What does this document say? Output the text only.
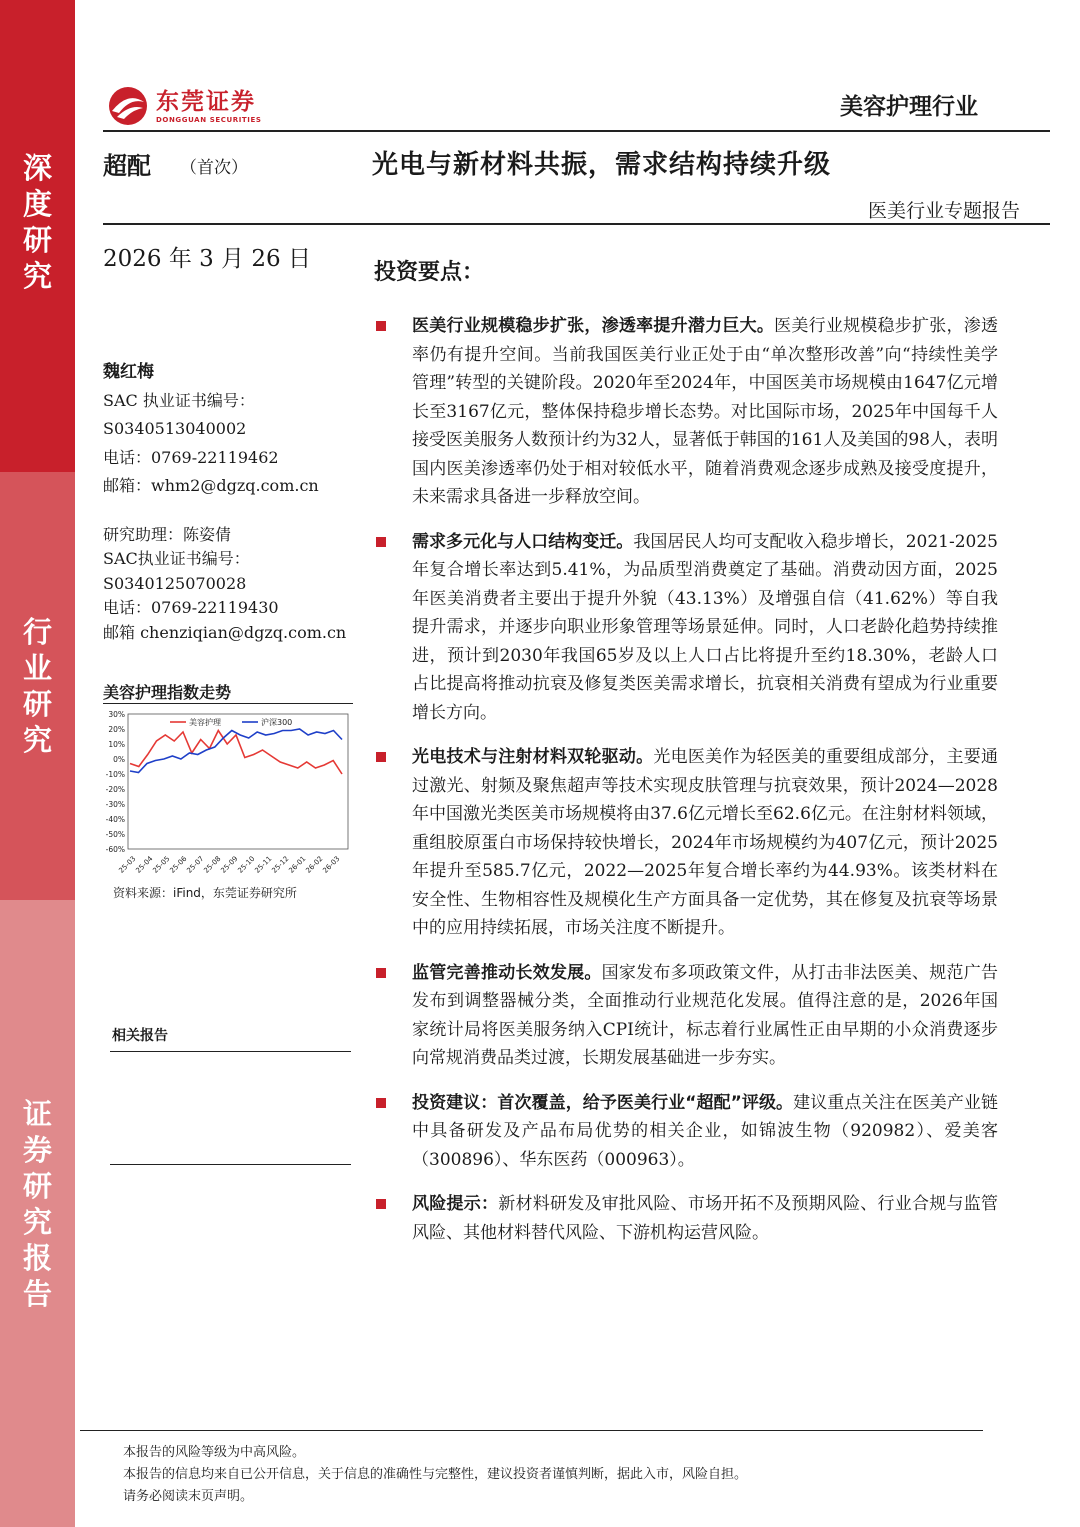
深度研究
行业研究
证券研究报告
东莞证券
DONGGUAN SECURITIES	美容护理行业
超配 （首次）	光电与新材料共振，需求结构持续升级
医美行业专题报告
2026 年 3 月 26 日
投资要点：
魏红梅
SAC 执业证书编号：
S0340513040002
电话：0769-22119462
邮箱：whm2@dgzq.com.cn
研究助理：陈姿倩
SAC执业证书编号：
S0340125070028
电话：0769-22119430
邮箱 chenziqian@dgzq.com.cn
美容护理指数走势
30%
20%
10%
0%
-10%
-20%
-30%
-40%
-50%
-60%
25-03
25-04
25-05
25-06
25-07
25-08
25-09
25-10
25-11
25-12
26-01
26-02
26-03
美容护理	沪深300
资料来源：iFind，东莞证券研究所
相关报告
医美行业规模稳步扩张，渗透率提升潜力巨大。医美行业规模稳步扩张，渗透率仍有提升空间。当前我国医美行业正处于由“单次整形改善”向“持续性美学管理”转型的关键阶段。2020年至2024年，中国医美市场规模由1647亿元增长至3167亿元，整体保持稳步增长态势。对比国际市场，2025年中国每千人接受医美服务人数预计约为32人，显著低于韩国的161人及美国的98人，表明国内医美渗透率仍处于相对较低水平，随着消费观念逐步成熟及接受度提升，未来需求具备进一步释放空间。
需求多元化与人口结构变迁。我国居民人均可支配收入稳步增长，2021-2025年复合增长率达到5.41%，为品质型消费奠定了基础。消费动因方面，2025年医美消费者主要出于提升外貌（43.13%）及增强自信（41.62%）等自我提升需求，并逐步向职业形象管理等场景延伸。同时，人口老龄化趋势持续推进，预计到2030年我国65岁及以上人口占比将提升至约18.30%，老龄人口占比提高将推动抗衰及修复类医美需求增长，抗衰相关消费有望成为行业重要增长方向。
光电技术与注射材料双轮驱动。光电医美作为轻医美的重要组成部分，主要通过激光、射频及聚焦超声等技术实现皮肤管理与抗衰效果，预计2024—2028年中国激光类医美市场规模将由37.6亿元增长至62.6亿元。在注射材料领域，重组胶原蛋白市场保持较快增长，2024年市场规模约为407亿元，预计2025年提升至585.7亿元，2022—2025年复合增长率约为44.93%。该类材料在安全性、生物相容性及规模化生产方面具备一定优势，其在修复及抗衰等场景中的应用持续拓展，市场关注度不断提升。
监管完善推动长效发展。国家发布多项政策文件，从打击非法医美、规范广告发布到调整器械分类，全面推动行业规范化发展。值得注意的是，2026年国家统计局将医美服务纳入CPI统计，标志着行业属性正由早期的小众消费逐步向常规消费品类过渡，长期发展基础进一步夯实。
投资建议：首次覆盖，给予医美行业“超配”评级。建议重点关注在医美产业链中具备研发及产品布局优势的相关企业，如锦波生物（920982）、爱美客（300896）、华东医药（000963）。
风险提示：新材料研发及审批风险、市场开拓不及预期风险、行业合规与监管风险、其他材料替代风险、下游机构运营风险。
本报告的风险等级为中高风险。
本报告的信息均来自已公开信息，关于信息的准确性与完整性，建议投资者谨慎判断，据此入市，风险自担。
请务必阅读末页声明。
